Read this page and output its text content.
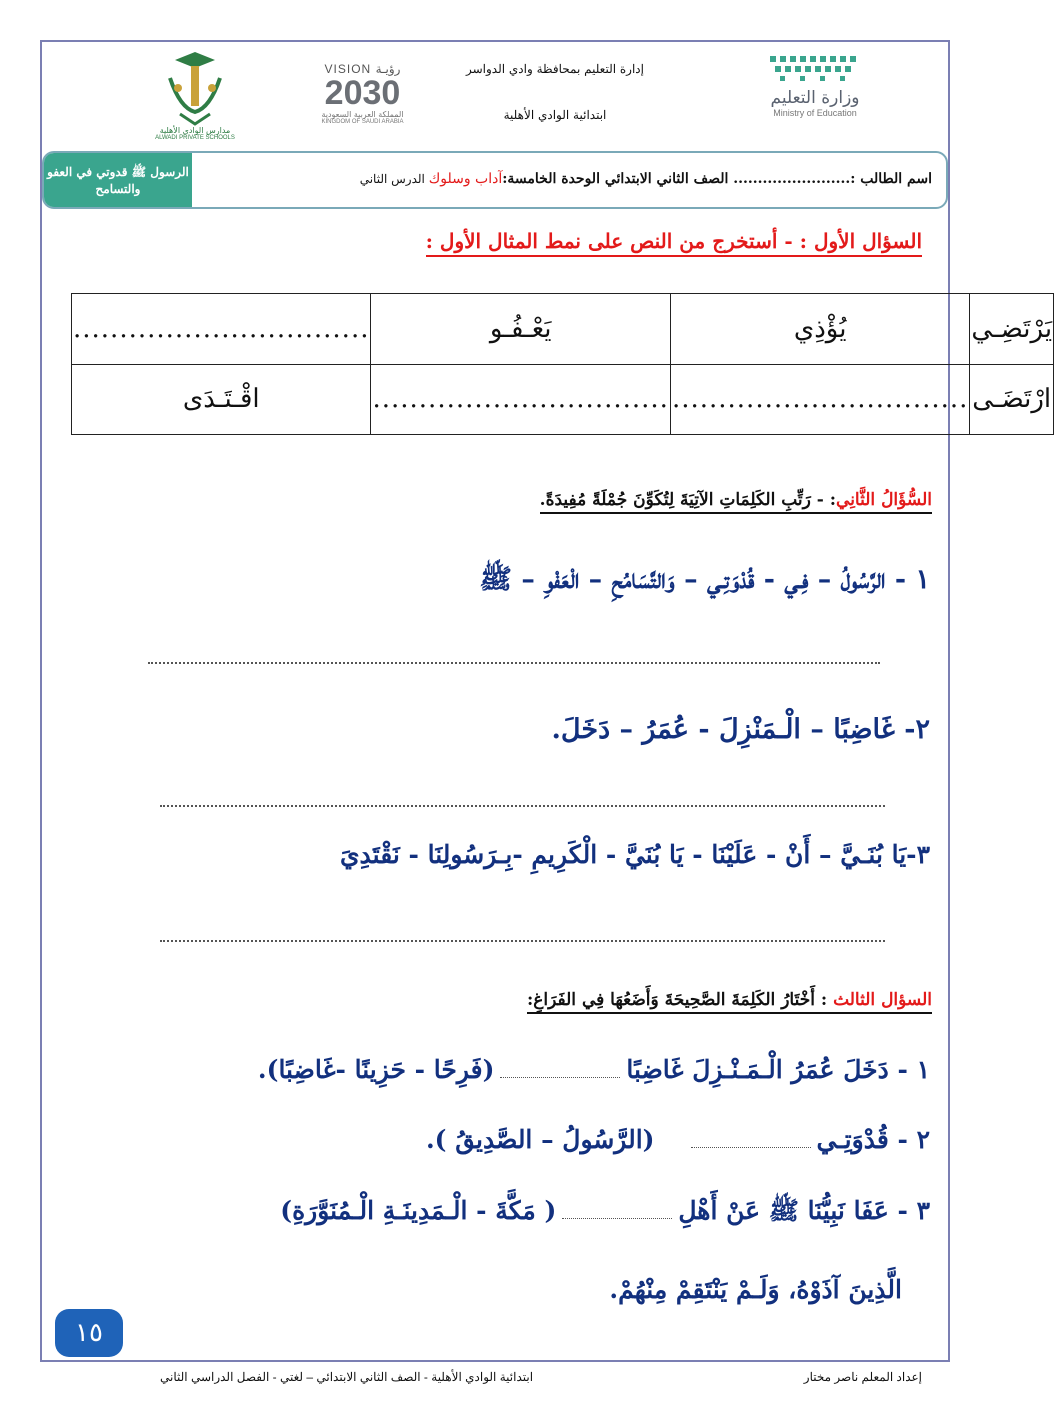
وزارة التعليم
Ministry of Education
إدارة التعليم بمحافظة وادي الدواسر
ابتدائية الوادي الأهلية
VISION رؤيـة
2030
المملكة العربية السعودية
KINGDOM OF SAUDI ARABIA
مدارس الوادي الأهلية
ALWADI PRIVATE SCHOOLS
اسم الطالب :........................ الصف الثاني الابتدائي الوحدة الخامسة:آداب وسلوك الدرس الثاني
الرسول ﷺ قدوتي في العفو والتسامح
السؤال الأول : - أستخرج من النص على نمط المثال الأول :
يَرْتَضِـي	يُؤْذِي	يَعْـفُـو	................................
ارْتَضَـى	................................	................................	اقْـتَـدَى
السُّؤَالُ الثَّانِي: - رَتِّبِ الكَلِمَاتِ الآتِيَةَ لِتُكَوِّنَ جُمْلَةً مُفِيدَةً.
١ - الرَّسُولُ – فِـي - قُدْوَتِـي – وَالتَّسَامُحِ – الْعَفْوِ – ﷺ
٢- غَاضِبًا – الْـمَنْزِلَ - عُمَرُ – دَخَلَ.
٣-يَا بُنَـيَّ – أَنْ - عَلَيْنَا - يَا بُنَيَّ - الْكَرِيمِ -بِـرَسُولِنَا - نَقْتَدِيَ
السؤال الثالث : أَخْتَارُ الكَلِمَةَ الصَّحِيحَةَ وَأَضَعُهَا فِي الفَرَاغِ:
١ - دَخَلَ عُمَرُ الْـمَـنْـزِلَ غَاضِبًا(فَرِحًا - حَزِينًا -غَاضِبًا).
٢ - قُدْوَتِـي(الرَّسُولُ – الصَّدِيقُ ).
٣ - عَفَا نَبِيُّنَا ﷺ عَنْ أَهْلِ( مَكَّةَ - الْـمَدِينَـةِ الْـمُنَوَّرَةِ)
الَّذِينَ آذَوْهُ، وَلَـمْ يَنْتَقِمْ مِنْهُمْ.
١٥
ابتدائية الوادي الأهلية - الصف الثاني الابتدائي – لغتي - الفصل الدراسي الثاني	إعداد المعلم ناصر مختار
